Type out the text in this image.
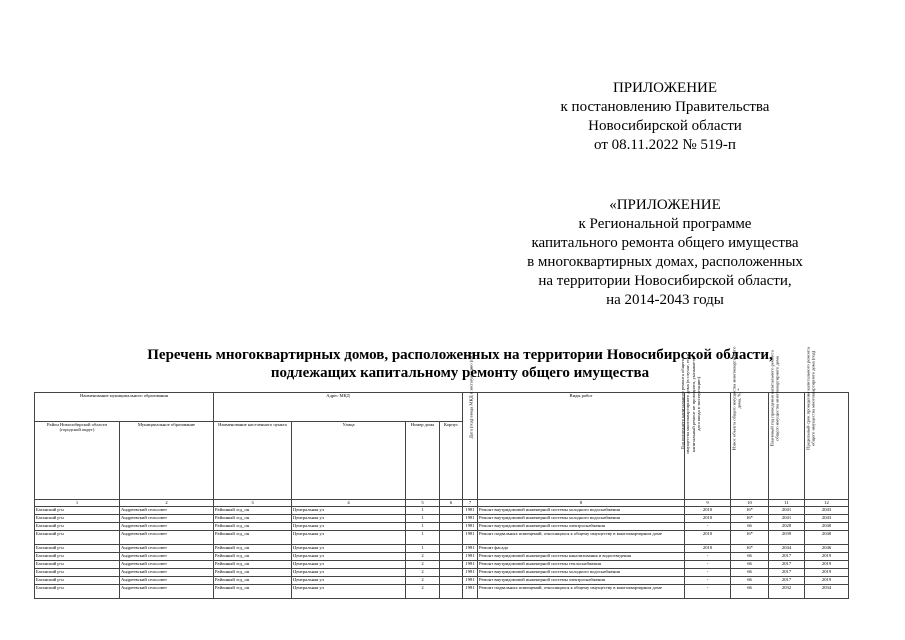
ПРИЛОЖЕНИЕ
к постановлению Правительства
Новосибирской области
от 08.11.2022 № 519-п
«ПРИЛОЖЕНИЕ
к Региональной программе
капитального ремонта общего имущества
в многоквартирных домах, расположенных
на территории Новосибирской области,
на 2014-2043 годы
Перечень многоквартирных домов, расположенных на территории Новосибирской области,
подлежащих капитальному ремонту общего имущества
Наименование муниципального образования		Адрес МКД				Дата (год) ввода МКД в эксплуатацию (г.п.)	Виды работ	Год последнего капитального ремонта общего имущества многоквартирного дома (в случае, если капитальный ремонт не проводился, указывается дата ввода в эксплуатацию)	Износ объекта общего имущества многоквартирного дома, %, *	Плановый год проведения капитального ремонта общего имущества многоквартирного дома	Предельный срок проведения капитального ремонта общего имущества многоквартирного дома (год)

Район Новосибирской области (городской округ)	Муниципальное образование	Наименование населенного пункта	Улица	Номер дома	Корпус						
1	2	3	4	5	6	7	8	9	10	11	12
Баганский р-н	Андреевский сельсовет	Районный зсд_он	Центральная ул	1		1981	Ремонт внутридомовой инженерной системы холодного водоснабжения	2010	16*	2041	2043
Баганский р-н	Андреевский сельсовет	Районный зсд_он	Центральная ул	1		1981	Ремонт внутридомовой инженерной системы холодного водоснабжения	2010	16*	2041	2043
Баганский р-н	Андреевский сельсовет	Районный зсд_он	Центральная ул	1		1981	Ремонт внутридомовой инженерной системы электроснабжения	-	66	2028	2040
Баганский р-н	Андреевский сельсовет	Районный зсд_он	Центральная ул	1		1981	Ремонт подвальных помещений, относящихся к общему имуществу в многоквартирном доме	2010	16*	2039	2040
Баганский р-н	Андреевский сельсовет	Районный зсд_он	Центральная ул	1		1981	Ремонт фасада	2010	16*	2044	2046
Баганский р-н	Андреевский сельсовет	Районный зсд_он	Центральная ул	2		1981	Ремонт внутридомовой инженерной системы канализования и водоотведения	-	66	2017	2019
Баганский р-н	Андреевский сельсовет	Районный зсд_он	Центральная ул	2		1981	Ремонт внутридомовой инженерной системы теплоснабжения	-	66	2017	2019
Баганский р-н	Андреевский сельсовет	Районный зсд_он	Центральная ул	2		1981	Ремонт внутридомовой инженерной системы холодного водоснабжения	-	66	2017	2019
Баганский р-н	Андреевский сельсовет	Районный зсд_он	Центральная ул	2		1981	Ремонт внутридомовой инженерной системы электроснабжения	-	66	2017	2019
Баганский р-н	Андреевский сельсовет	Районный зсд_он	Центральная ул	2		1981	Ремонт подвальных помещений, относящихся к общему имуществу в многоквартирном доме	-	66	2032	2034
